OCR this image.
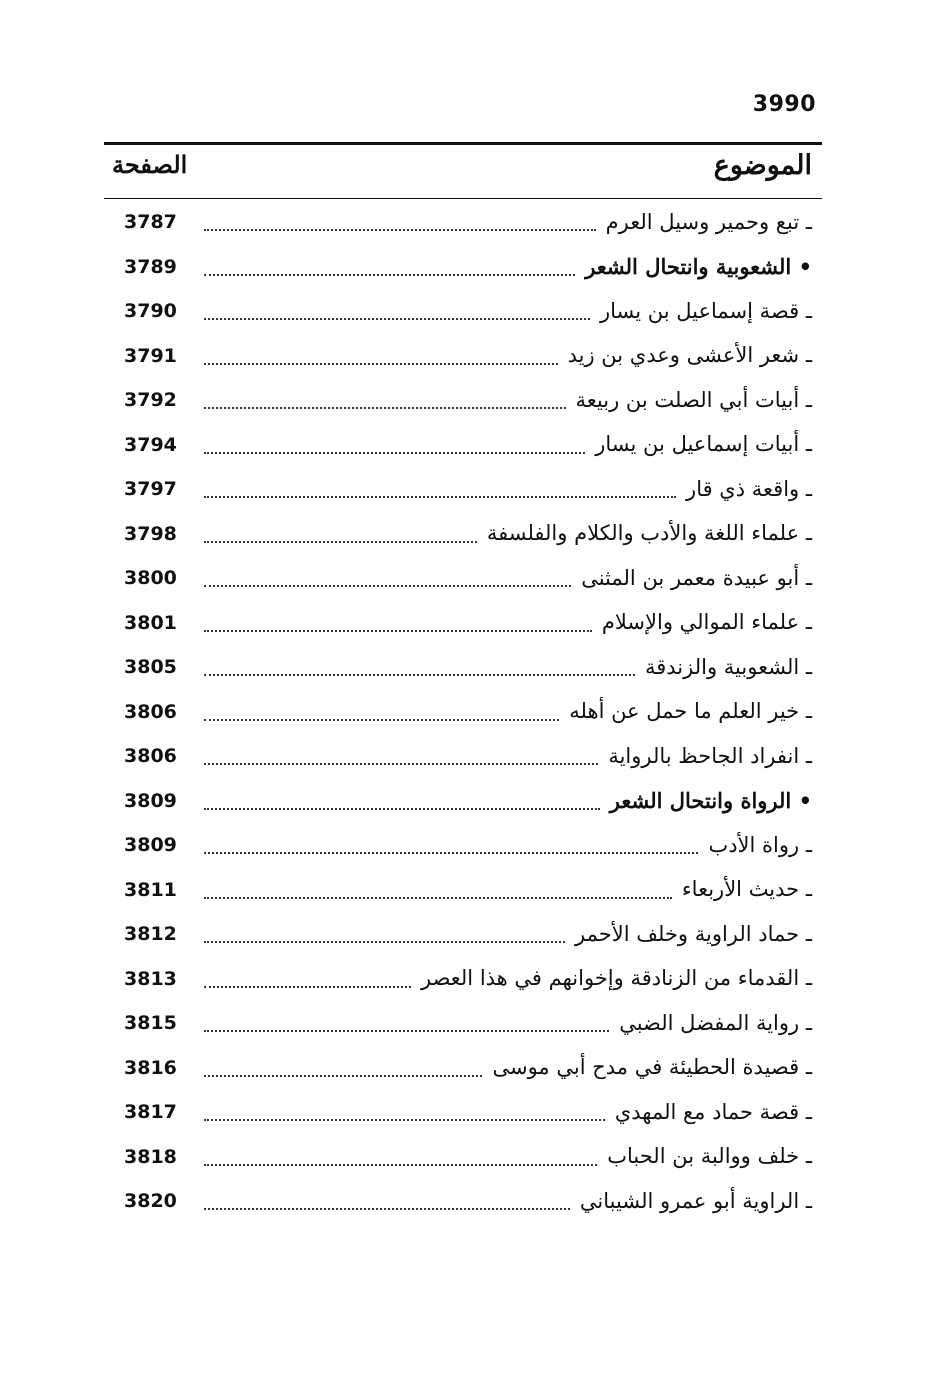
3990
الموضوع
الصفحة
ـ تبع وحمير وسيل العرم
3787
• الشعوبية وانتحال الشعر
3789
ـ قصة إسماعيل بن يسار
3790
ـ شعر الأعشى وعدي بن زيد
3791
ـ أبيات أبي الصلت بن ربيعة
3792
ـ أبيات إسماعيل بن يسار
3794
ـ واقعة ذي قار
3797
ـ علماء اللغة والأدب والكلام والفلسفة
3798
ـ أبو عبيدة معمر بن المثنى
3800
ـ علماء الموالي والإسلام
3801
ـ الشعوبية والزندقة
3805
ـ خير العلم ما حمل عن أهله
3806
ـ انفراد الجاحظ بالرواية
3806
• الرواة وانتحال الشعر
3809
ـ رواة الأدب
3809
ـ حديث الأربعاء
3811
ـ حماد الراوية وخلف الأحمر
3812
ـ القدماء من الزنادقة وإخوانهم في هذا العصر
3813
ـ رواية المفضل الضبي
3815
ـ قصيدة الحطيئة في مدح أبي موسى
3816
ـ قصة حماد مع المهدي
3817
ـ خلف ووالبة بن الحباب
3818
ـ الراوية أبو عمرو الشيباني
3820
